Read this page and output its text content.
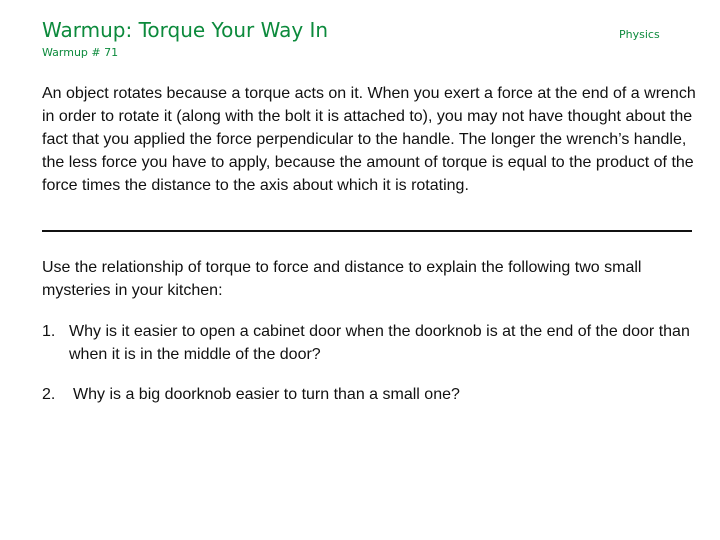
Warmup: Torque Your Way In	Physics
Warmup # 71

An object rotates because a torque acts on it. When you exert a force at the end of a wrench in order to rotate it (along with the bolt it is attached to), you may not have thought about the fact that you applied the force perpendicular to the handle. The longer the wrench’s handle, the less force you have to apply, because the amount of torque is equal to the product of the force times the distance to the axis about which it is rotating.

Use the relationship of torque to force and distance to explain the following two small mysteries in your kitchen:

1. Why is it easier to open a cabinet door when the doorknob is at the end of the door than when it is in the middle of the door?
2.	Why is a big doorknob easier to turn than a small one?
